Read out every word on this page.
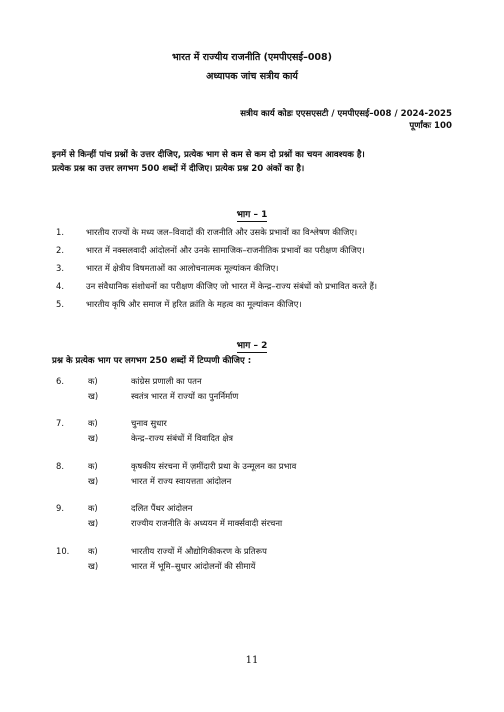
भारत में राज्यीय राजनीति (एमपीएसई–008)
अध्यापक जांच सत्रीय कार्य
सत्रीय कार्य कोडः एएसएसटी / एमपीएसई–008 / 2024-2025
पूर्णांकः 100
इनमें से किन्हीं पांच प्रश्नों के उत्तर दीजिए, प्रत्येक भाग से कम से कम दो प्रश्नों का चयन आवश्यक है।
प्रत्येक प्रश्न का उत्तर लगभग 500 शब्दों में दीजिए। प्रत्येक प्रश्न 20 अंकों का है।
भाग – 1
1.	भारतीय राज्यों के मध्य जल–विवादों की राजनीति और उसके प्रभावों का विश्लेषण कीजिए।
2.	भारत में नक्सलवादी आंदोलनों और उनके सामाजिक–राजनीतिक प्रभावों का परीक्षण कीजिए।
3.	भारत में क्षेत्रीय विषमताओं का आलोचनात्मक मूल्यांकन कीजिए।
4.	उन संवैधानिक संशोधनों का परीक्षण कीजिए जो भारत में केन्द्र–राज्य संबंधों को प्रभावित करते हैं।
5.	भारतीय कृषि और समाज में हरित क्रांति के महत्व का मूल्यांकन कीजिए।
भाग – 2
प्रश्न के प्रत्येक भाग पर लगभग 250 शब्दों में टिप्पणी कीजिए :
6.	क)	कांग्रेस प्रणाली का पतन
ख)	स्वतंत्र भारत में राज्यों का पुनर्निर्माण
7.	क)	चुनाव सुधार
ख)	केन्द्र–राज्य संबंधों में विवादित क्षेत्र
8.	क)	कृषकीय संरचना में ज़मींदारी प्रथा के उन्मूलन का प्रभाव
ख)	भारत में राज्य स्वायत्तता आंदोलन
9.	क)	दलित पैंथर आंदोलन
ख)	राज्यीय राजनीति के अध्ययन में मार्क्सवादी संरचना
10.	क)	भारतीय राज्यों में औद्योगिकीकरण के प्रतिरूप
ख)	भारत में भूमि–सुधार आंदोलनों की सीमायें
11
